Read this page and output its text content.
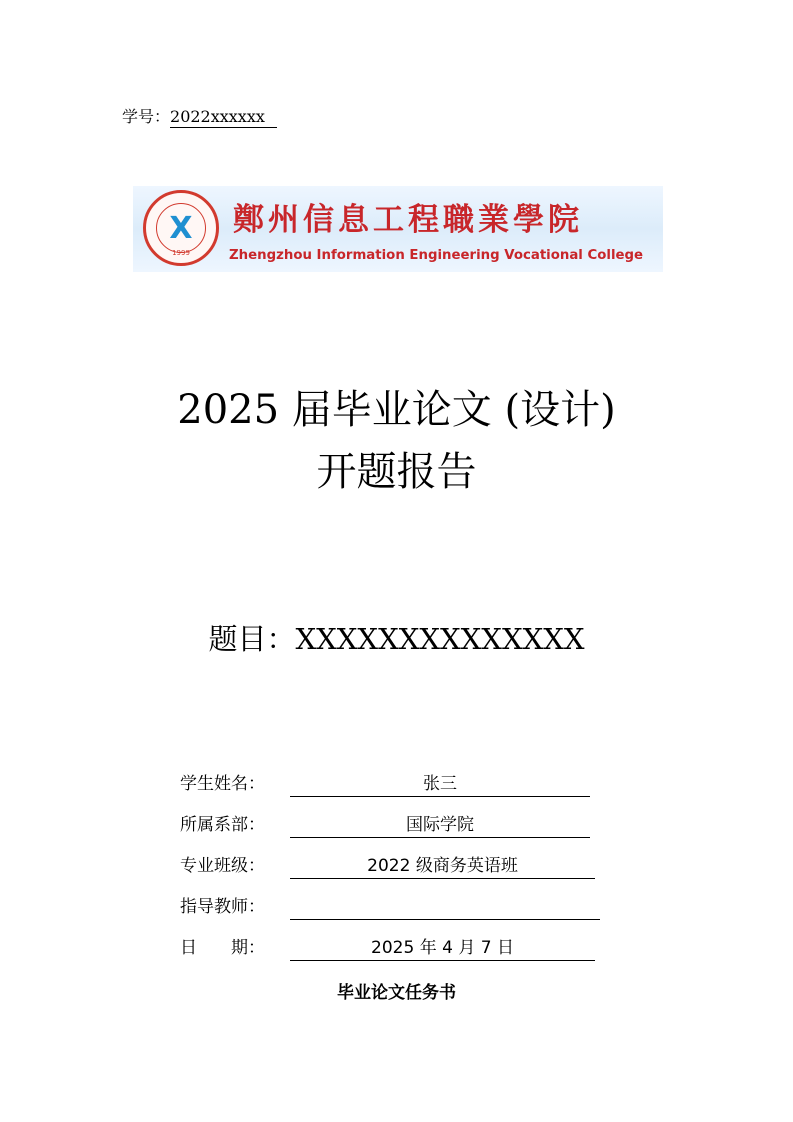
学号：2022xxxxxx
X
1999
鄭州信息工程職業學院
Zhengzhou Information Engineering Vocational College
2025 届毕业论文 (设计)
开题报告
题目：XXXXXXXXXXXXXX
学生姓名：	张三
所属系部：	国际学院
专业班级：	2022 级商务英语班
指导教师：
日　　期：	2025 年 4 月 7 日
毕业论文任务书
